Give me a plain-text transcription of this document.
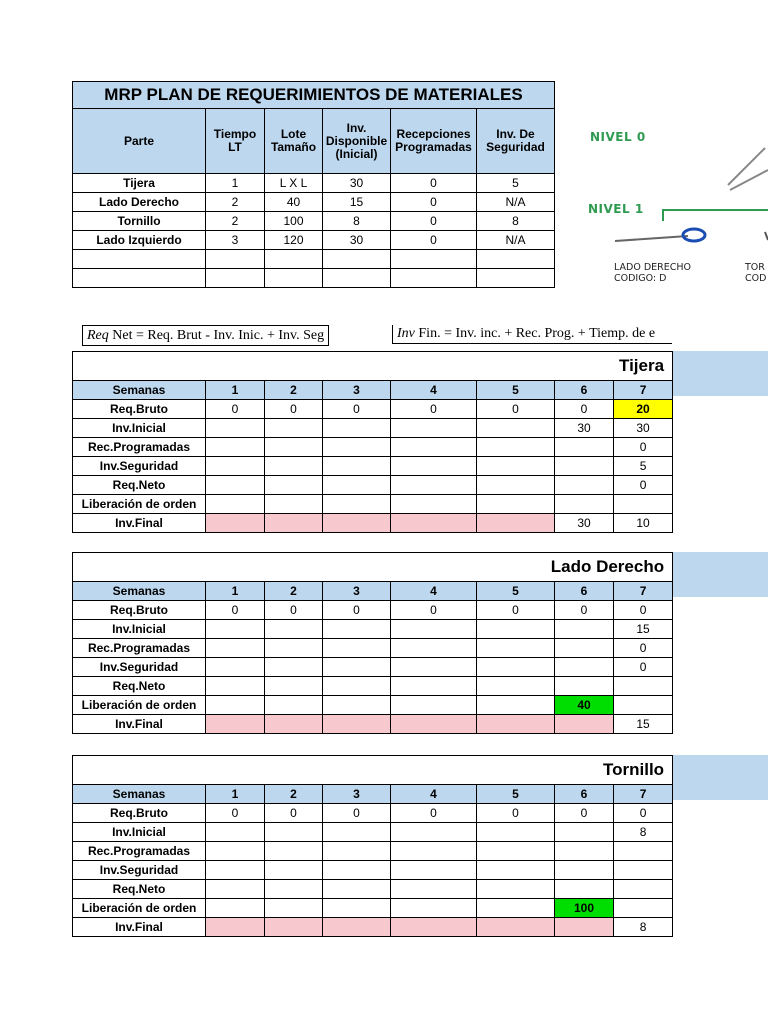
MRP PLAN DE REQUERIMIENTOS DE MATERIALES					
Parte	Tiempo LT	Lote Tamaño	Inv. Disponible (Inicial)	Recepciones Programadas	Inv. De Seguridad
Tijera	1	L X L	30	0	5
Lado Derecho	2	40	15	0	N/A
Tornillo	2	100	8	0	8
Lado Izquierdo	3	120	30	0	N/A

NIVEL 0
NIVEL 1
LADO DERECHO
CODIGO: D
TOR
COD
Req Net = Req. Brut - Inv. Inic. + Inv. Seg	Inv Fin. = Inv. inc. + Rec. Prog. + Tiemp. de e
Tijera							
Semanas	1	2	3	4	5	6	7
Req.Bruto	0	0	0	0	0	0	20
Inv.Inicial						30	30
Rec.Programadas							0
Inv.Seguridad							5
Req.Neto							0
Liberación de orden							
Inv.Final						30	10
Lado Derecho							
Semanas	1	2	3	4	5	6	7
Req.Bruto	0	0	0	0	0	0	0
Inv.Inicial							15
Rec.Programadas							0
Inv.Seguridad							0
Req.Neto							
Liberación de orden						40	
Inv.Final							15
Tornillo							
Semanas	1	2	3	4	5	6	7
Req.Bruto	0	0	0	0	0	0	0
Inv.Inicial							8
Rec.Programadas							
Inv.Seguridad							
Req.Neto							
Liberación de orden						100	
Inv.Final							8
